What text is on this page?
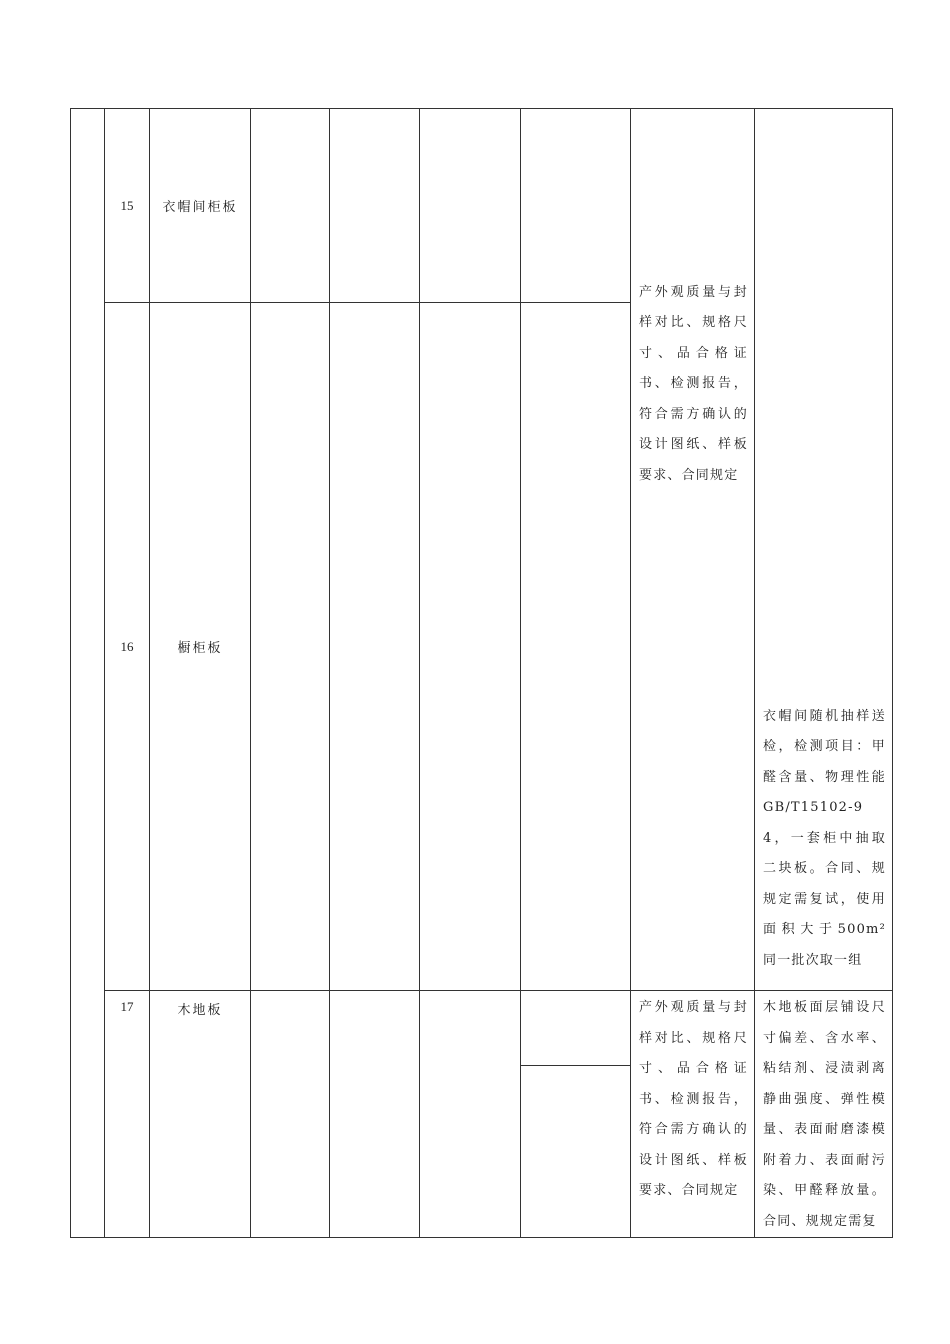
	15	衣帽间柜板					产外观质量与封样对比、规格尺寸、品合格证书、检测报告，符合需方确认的设计图纸、样板要求、合同规定	衣帽间随机抽样送检，检测项目：甲醛含量、物理性能GB/T15102-94，一套柜中抽取二块板。合同、规规定需复试，使用面积大于500m² 同一批次取一组
	16	橱柜板						
	17	木地板					产外观质量与封样对比、规格尺寸、品合格证书、检测报告，符合需方确认的设计图纸、样板要求、合同规定	木地板面层铺设尺寸偏差、含水率、粘结剂、浸渍剥离静曲强度、弹性模量、表面耐磨漆模附着力、表面耐污染、甲醛释放量。合同、规规定需复
